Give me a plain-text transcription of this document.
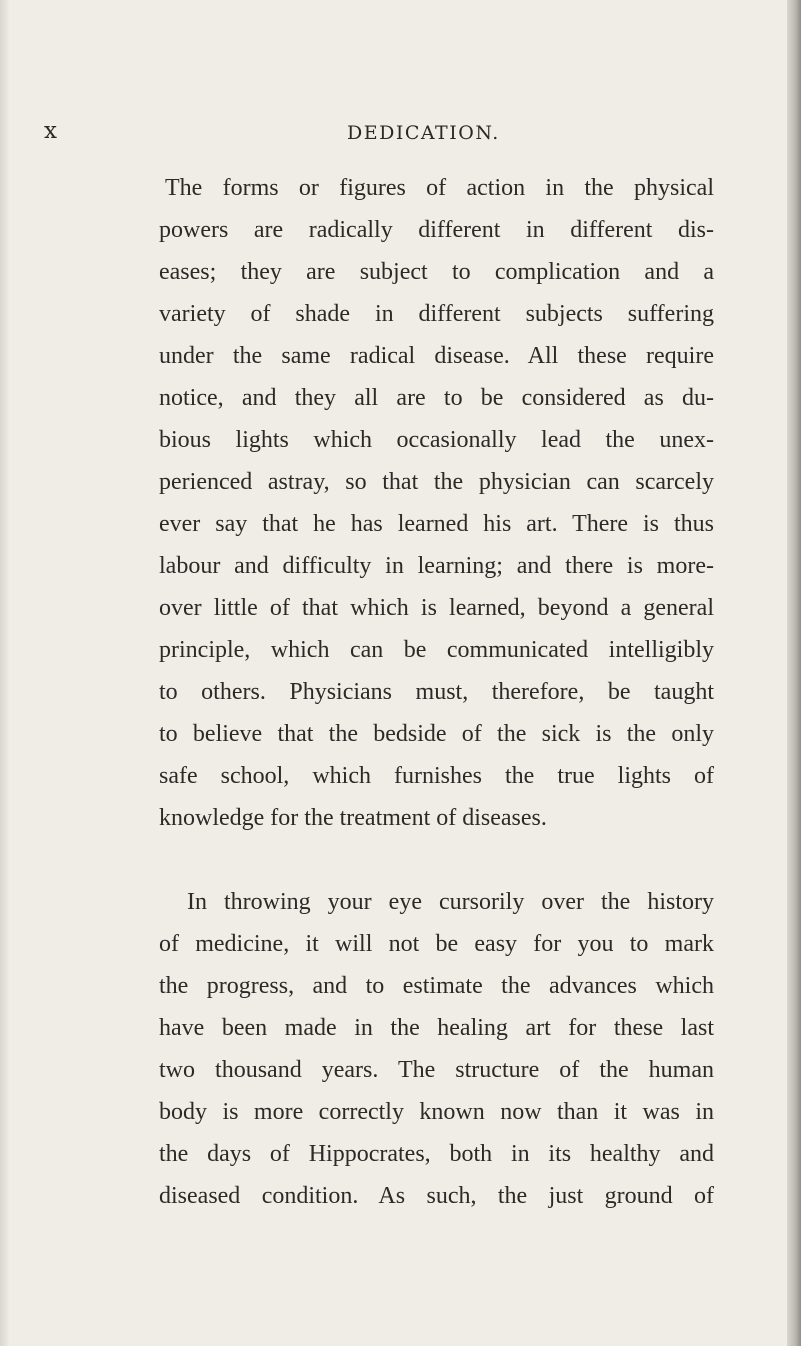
x	DEDICATION.
The forms or figures of action in the physical
powers are radically different in different dis-
eases; they are subject to complication and a
variety of shade in different subjects suffering
under the same radical disease. All these require
notice, and they all are to be considered as du-
bious lights which occasionally lead the unex-
perienced astray, so that the physician can scarcely
ever say that he has learned his art. There is thus
labour and difficulty in learning; and there is more-
over little of that which is learned, beyond a general
principle, which can be communicated intelligibly
to others. Physicians must, therefore, be taught
to believe that the bedside of the sick is the only
safe school, which furnishes the true lights of
knowledge for the treatment of diseases.
In throwing your eye cursorily over the history
of medicine, it will not be easy for you to mark
the progress, and to estimate the advances which
have been made in the healing art for these last
two thousand years. The structure of the human
body is more correctly known now than it was in
the days of Hippocrates, both in its healthy and
diseased condition. As such, the just ground of
